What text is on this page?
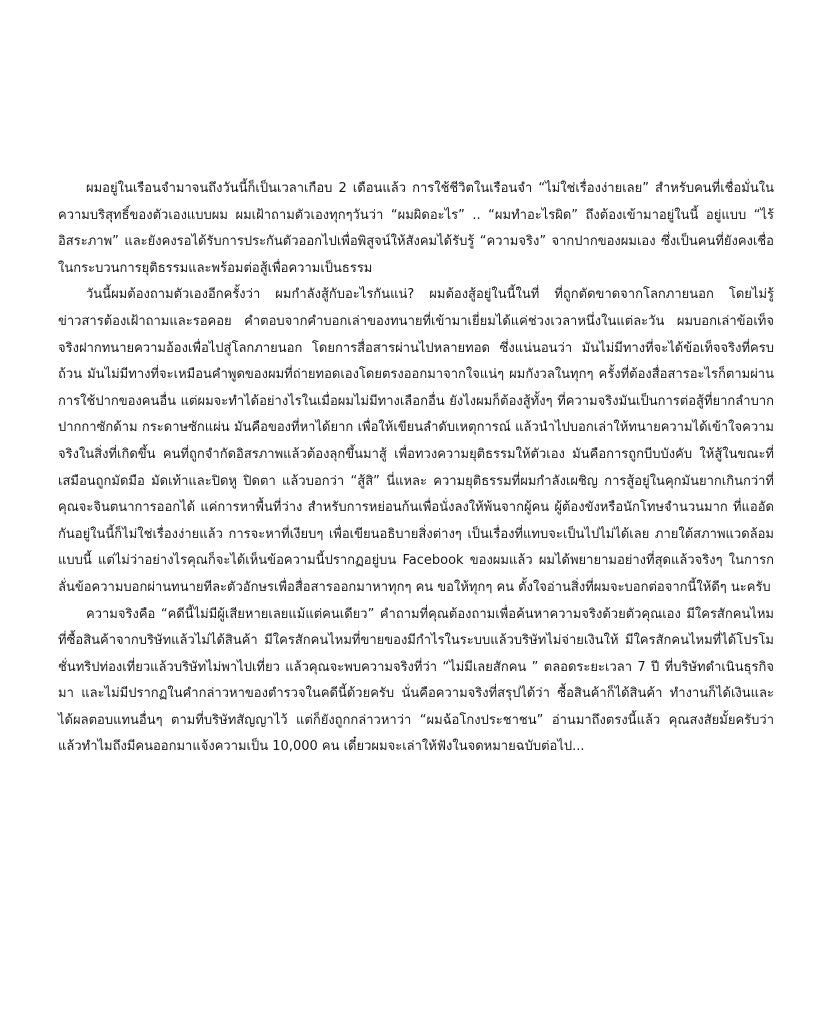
ผมอยู่ในเรือนจำมาจนถึงวันนี้ก็เป็นเวลาเกือบ 2 เดือนแล้ว การใช้ชีวิตในเรือนจำ “ไม่ใช่เรื่องง่ายเลย” สำหรับคนที่เชื่อมั่นในความบริสุทธิ์ของตัวเองแบบผม ผมเฝ้าถามตัวเองทุกๆวันว่า “ผมผิดอะไร” .. “ผมทำอะไรผิด” ถึงต้องเข้ามาอยู่ในนี้ อยู่แบบ “ไร้อิสระภาพ” และยังคงรอได้รับการประกันตัวออกไปเพื่อพิสูจน์ให้สังคมได้รับรู้ “ความจริง” จากปากของผมเอง ซึ่งเป็นคนที่ยังคงเชื่อในกระบวนการยุติธรรมและพร้อมต่อสู้เพื่อความเป็นธรรม

วันนี้ผมต้องถามตัวเองอีกครั้งว่า ผมกำลังสู้กับอะไรกันแน่? ผมต้องสู้อยู่ในนี้ในที่ ที่ถูกตัดขาดจากโลกภายนอก โดยไม่รู้ข่าวสารต้องเฝ้าถามและรอคอย คำตอบจากคำบอกเล่าของทนายที่เข้ามาเยี่ยมได้แค่ช่วงเวลาหนึ่งในแต่ละวัน ผมบอกเล่าข้อเท็จจริงฝากทนายความอ้องเพื่อไปสู่โลกภายนอก โดยการสื่อสารผ่านไปหลายทอด ซึ่งแน่นอนว่า มันไม่มีทางที่จะได้ข้อเท็จจริงที่ครบถ้วน มันไม่มีทางที่จะเหมือนคำพูดของผมที่ถ่ายทอดเองโดยตรงออกมาจากใจแน่ๆ ผมกังวลในทุกๆ ครั้งที่ต้องสื่อสารอะไรก็ตามผ่านการใช้ปากของคนอื่น แต่ผมจะทำได้อย่างไรในเมื่อผมไม่มีทางเลือกอื่น ยังไงผมก็ต้องสู้ทั้งๆ ที่ความจริงมันเป็นการต่อสู้ที่ยากลำบาก ปากกาซักด้าม กระดาษซักแผ่น มันคือของที่หาได้ยาก เพื่อให้เขียนลำดับเหตุการณ์ แล้วนำไปบอกเล่าให้ทนายความได้เข้าใจความจริงในสิ่งที่เกิดขึ้น คนที่ถูกจำกัดอิสรภาพแล้วต้องลุกขึ้นมาสู้ เพื่อทวงความยุติธรรมให้ตัวเอง มันคือการถูกบีบบังคับ ให้สู้ในขณะที่เสมือนถูกมัดมือ มัดเท้าและปิดหู ปิดตา แล้วบอกว่า “สู้สิ” นี่แหละ ความยุติธรรมที่ผมกำลังเผชิญ การสู้อยู่ในคุกมันยากเกินกว่าที่คุณจะจินตนาการออกได้ แค่การหาพื้นที่ว่าง สำหรับการหย่อนก้นเพื่อนั่งลงให้พ้นจากผู้คน ผู้ต้องขังหรือนักโทษจำนวนมาก ที่แออัดกันอยู่ในนี้ก็ไม่ใช่เรื่องง่ายแล้ว การจะหาที่เงียบๆ เพื่อเขียนอธิบายสิ่งต่างๆ เป็นเรื่องที่แทบจะเป็นไปไม่ได้เลย ภายใต้สภาพแวดล้อมแบบนี้ แต่ไม่ว่าอย่างไรคุณก็จะได้เห็นข้อความนี้ปรากฏอยู่บน Facebook ของผมแล้ว ผมได้พยายามอย่างที่สุดแล้วจริงๆ ในการกลั่นข้อความบอกผ่านทนายทีละตัวอักษรเพื่อสื่อสารออกมาหาทุกๆ คน ขอให้ทุกๆ คน ตั้งใจอ่านสิ่งที่ผมจะบอกต่อจากนี้ให้ดีๆ นะครับ

ความจริงคือ “คดีนี้ไม่มีผู้เสียหายเลยแม้แต่คนเดียว” คำถามที่คุณต้องถามเพื่อค้นหาความจริงด้วยตัวคุณเอง มีใครสักคนไหม ที่ซื้อสินค้าจากบริษัทแล้วไม่ได้สินค้า มีใครสักคนไหมที่ขายของมีกำไรในระบบแล้วบริษัทไม่จ่ายเงินให้ มีใครสักคนไหมที่ได้โปรโมชั่นทริปท่องเที่ยวแล้วบริษัทไม่พาไปเที่ยว แล้วคุณจะพบความจริงที่ว่า “ไม่มีเลยสักคน ” ตลอดระยะเวลา 7 ปี ที่บริษัทดำเนินธุรกิจมา และไม่มีปรากฏในคำกล่าวหาของตำรวจในคดีนี้ด้วยครับ นั่นคือความจริงที่สรุปได้ว่า ซื้อสินค้าก็ได้สินค้า ทำงานก็ได้เงินและได้ผลตอบแทนอื่นๆ ตามที่บริษัทสัญญาไว้ แต่ก็ยังถูกกล่าวหาว่า “ผมฉ้อโกงประชาชน” อ่านมาถึงตรงนี้แล้ว คุณสงสัยมั้ยครับว่าแล้วทำไมถึงมีคนออกมาแจ้งความเป็น 10,000 คน เดี๋ยวผมจะเล่าให้ฟังในจดหมายฉบับต่อไป...
